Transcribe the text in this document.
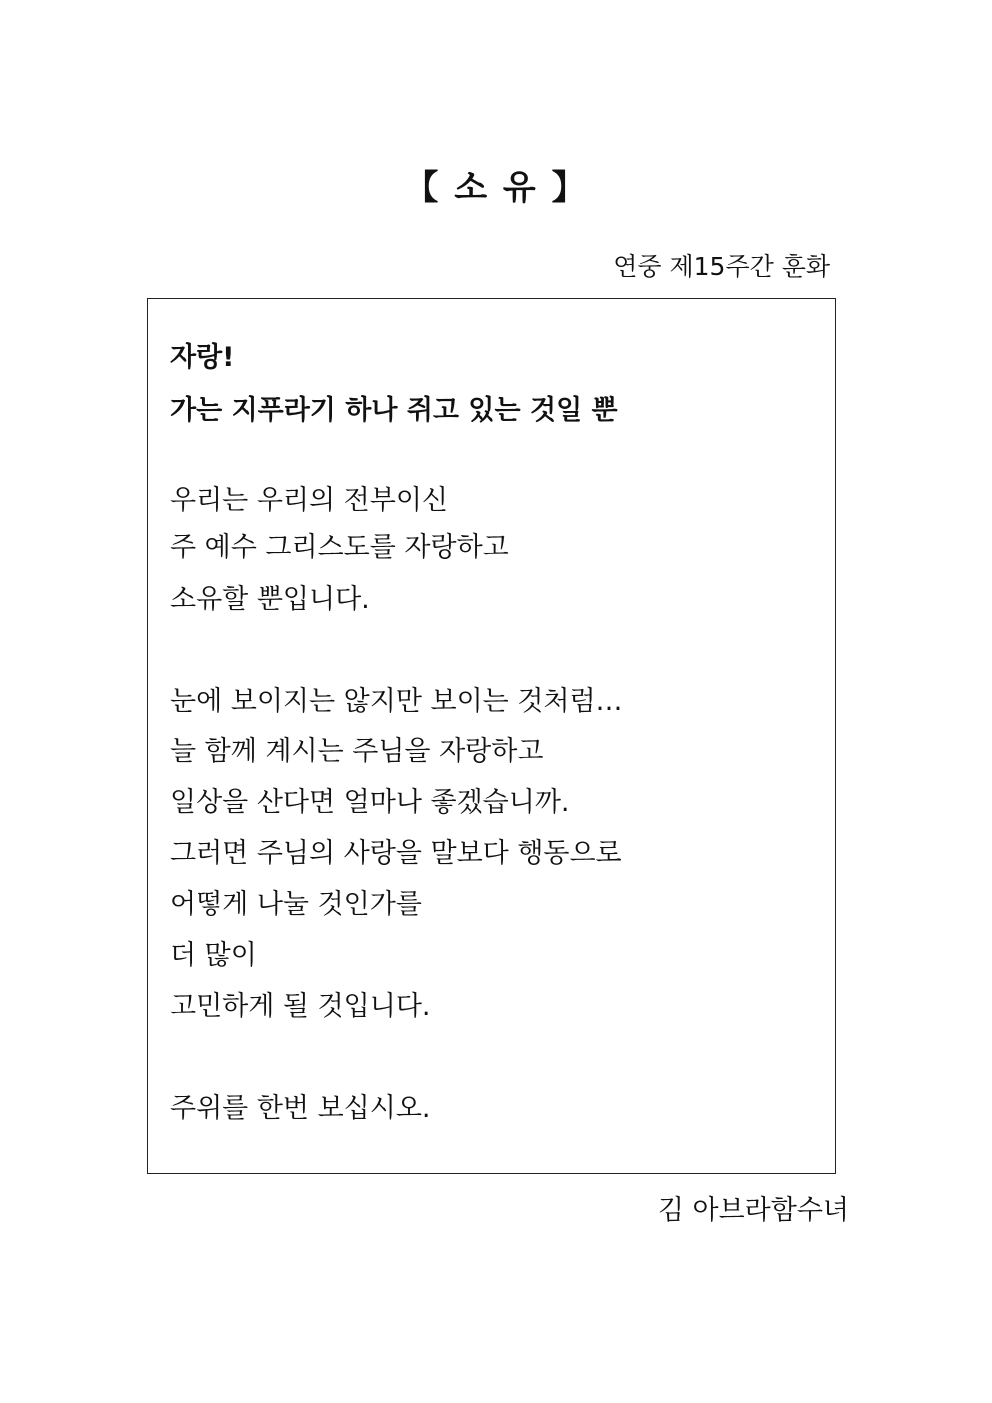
【 소 유 】
연중 제15주간 훈화
자랑!
가는 지푸라기 하나 쥐고 있는 것일 뿐
우리는 우리의 전부이신
주 예수 그리스도를 자랑하고
소유할 뿐입니다.
눈에 보이지는 않지만 보이는 것처럼…
늘 함께 계시는 주님을 자랑하고
일상을 산다면 얼마나 좋겠습니까.
그러면 주님의 사랑을 말보다 행동으로
어떻게 나눌 것인가를
더 많이
고민하게 될 것입니다.
주위를 한번 보십시오.
김 아브라함수녀
